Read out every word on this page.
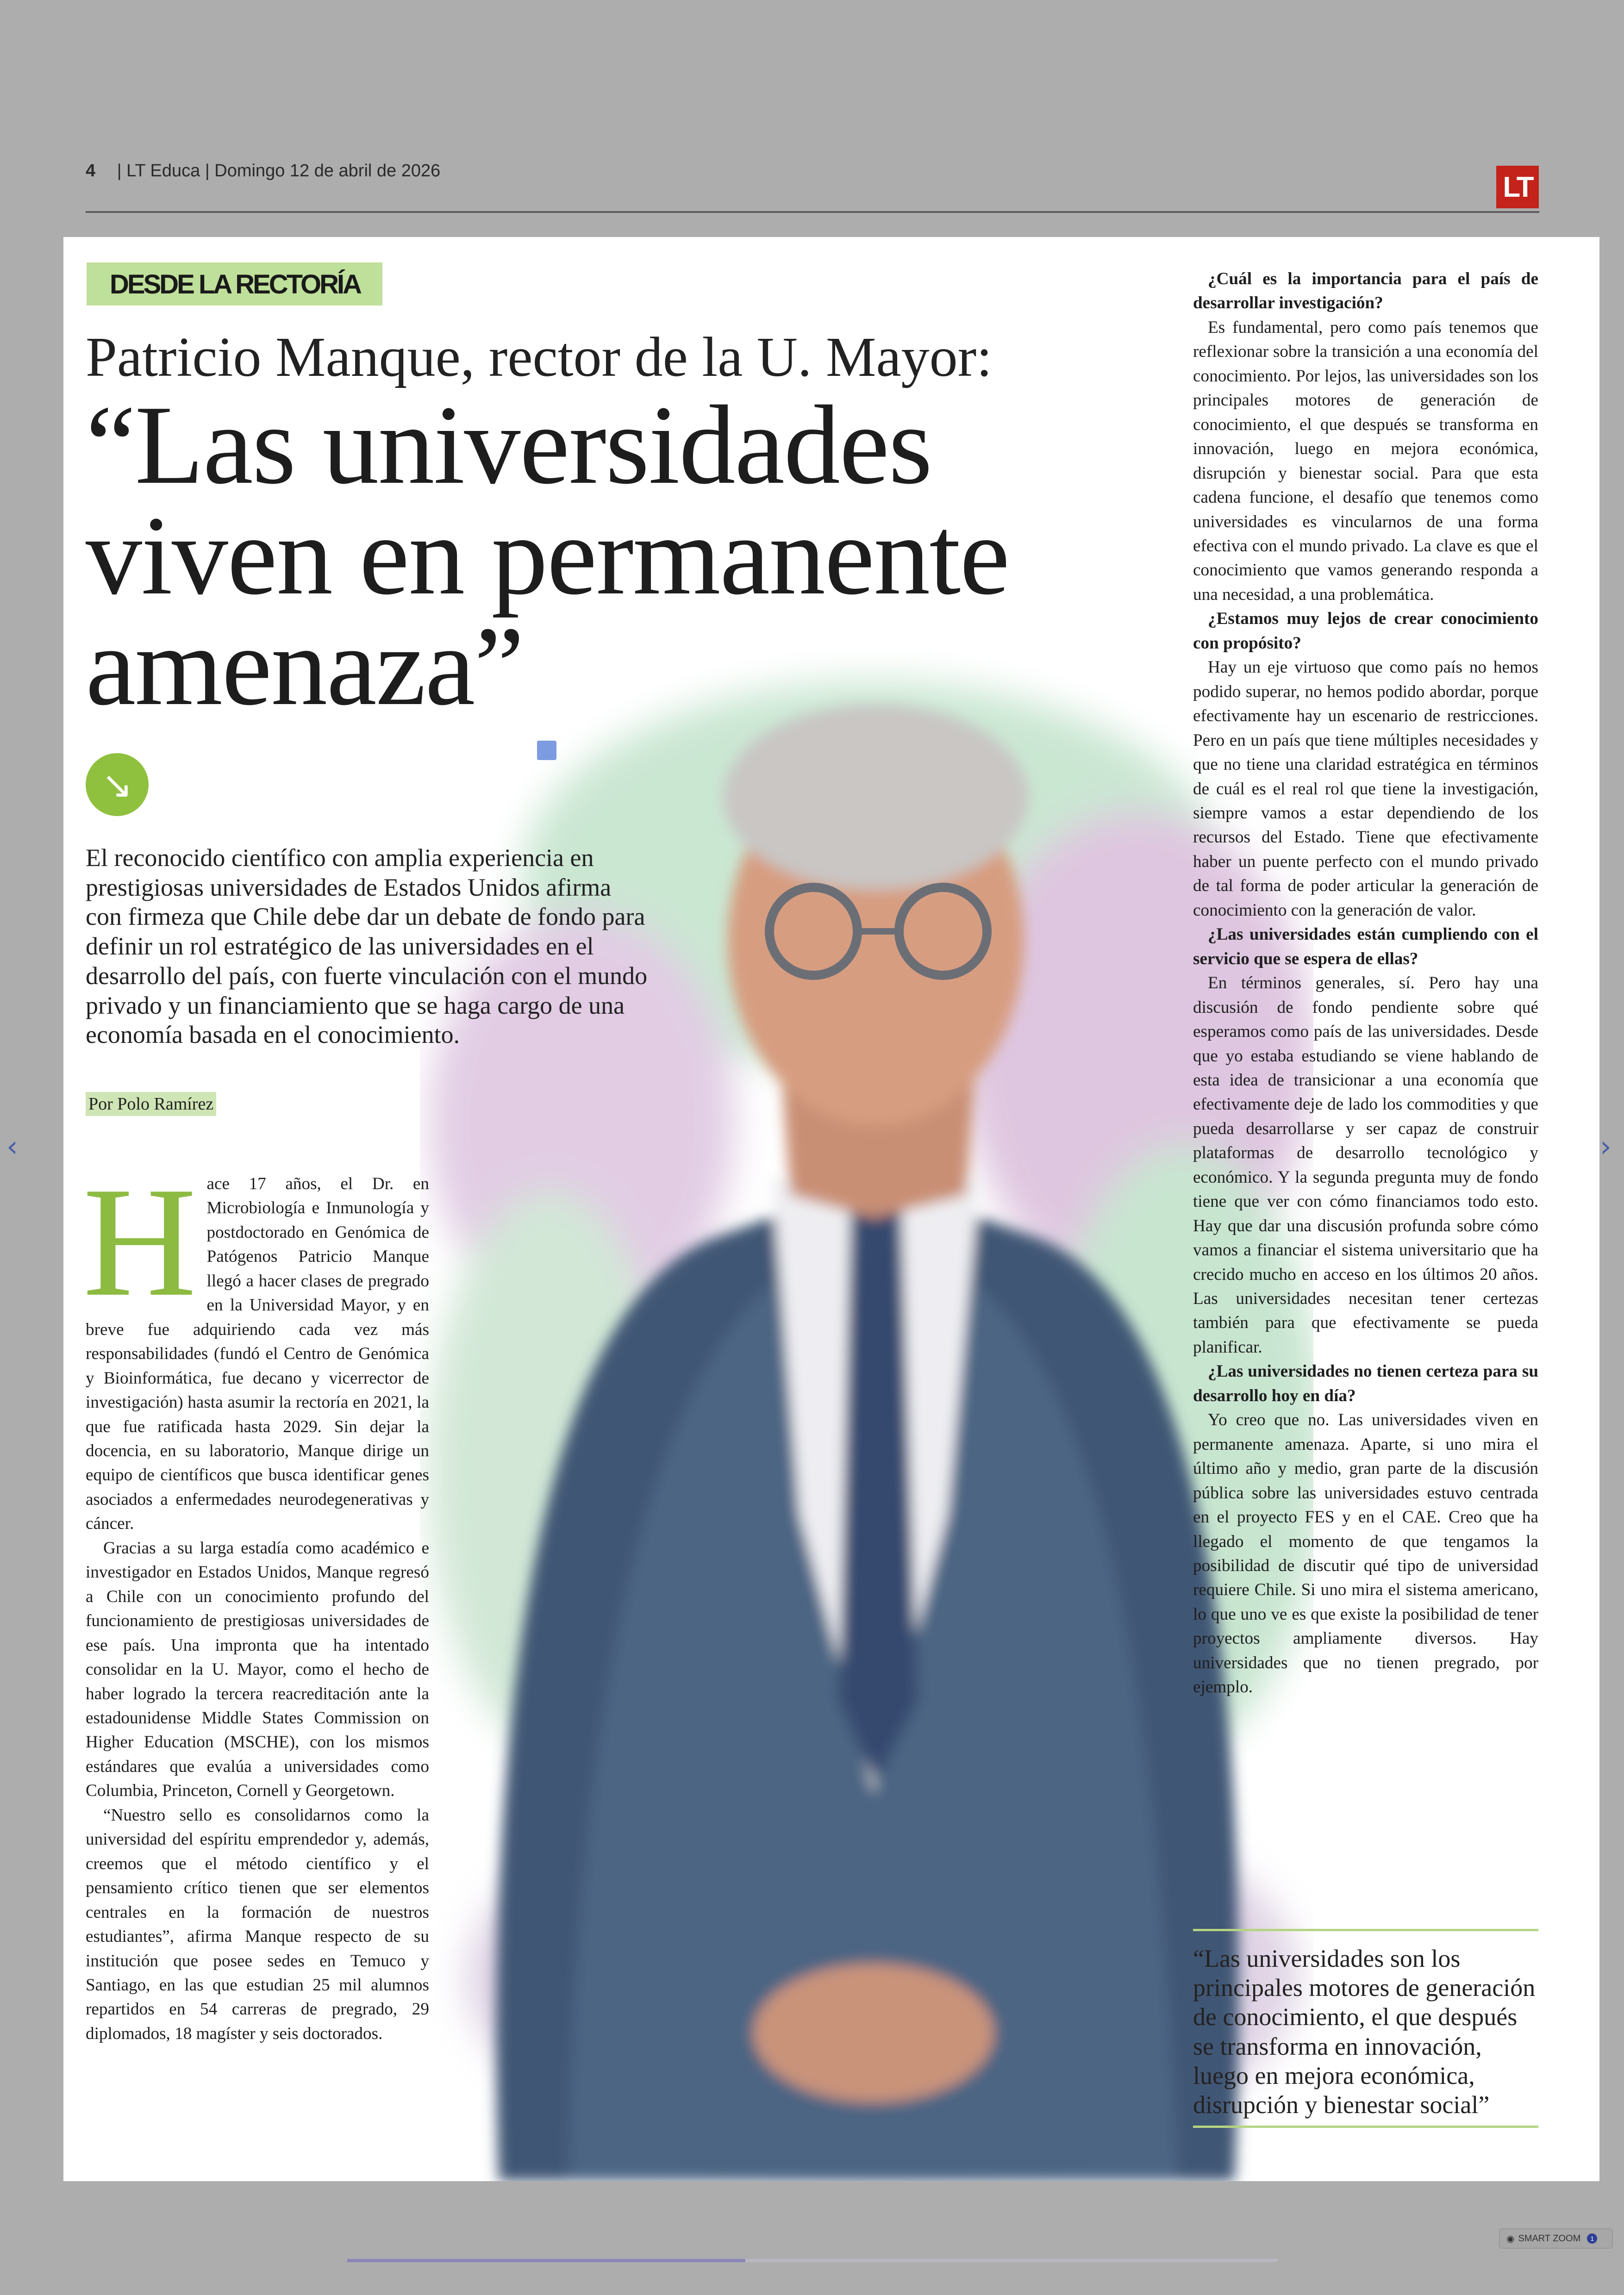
4 | LT Educa | Domingo 12 de abril de 2026
LT
DESDE LA RECTORÍA
Patricio Manque, rector de la U. Mayor:
“Las universidades viven en permanente amenaza”
↘
El reconocido científico con amplia experiencia en prestigiosas universidades de Estados Unidos afirma con firmeza que Chile debe dar un debate de fondo para definir un rol estratégico de las universidades en el desarrollo del país, con fuerte vinculación con el mundo privado y un financiamiento que se haga cargo de una economía basada en el conocimiento.
Por Polo Ramírez
H ace 17 años, el Dr. en Microbiología e Inmunología y postdoctorado en Genómica de Patógenos Patricio Manque llegó a hacer clases de pregrado en la Universidad Mayor, y en breve fue adquiriendo cada vez más responsabilidades (fundó el Centro de Genómica y Bioinformática, fue decano y vicerrector de investigación) hasta asumir la rectoría en 2021, la que fue ratificada hasta 2029. Sin dejar la docencia, en su laboratorio, Manque dirige un equipo de científicos que busca identificar genes asociados a enfermedades neurodegenerativas y cáncer.

Gracias a su larga estadía como académico e investigador en Estados Unidos, Manque regresó a Chile con un conocimiento profundo del funcionamiento de prestigiosas universidades de ese país. Una impronta que ha intentado consolidar en la U. Mayor, como el hecho de haber logrado la tercera reacreditación ante la estadounidense Middle States Commission on Higher Education (MSCHE), con los mismos estándares que evalúa a universidades como Columbia, Princeton, Cornell y Georgetown.

“Nuestro sello es consolidarnos como la universidad del espíritu emprendedor y, además, creemos que el método científico y el pensamiento crítico tienen que ser elementos centrales en la formación de nuestros estudiantes”, afirma Manque respecto de su institución que posee sedes en Temuco y Santiago, en las que estudian 25 mil alumnos repartidos en 54 carreras de pregrado, 29 diplomados, 18 magíster y seis doctorados.

¿Cuál es la importancia para el país de desarrollar investigación?

Es fundamental, pero como país tenemos que reflexionar sobre la transición a una economía del conocimiento. Por lejos, las universidades son los principales motores de generación de conocimiento, el que después se transforma en innovación, luego en mejora económica, disrupción y bienestar social. Para que esta cadena funcione, el desafío que tenemos como universidades es vincularnos de una forma efectiva con el mundo privado. La clave es que el conocimiento que vamos generando responda a una necesidad, a una problemática.

¿Estamos muy lejos de crear conocimiento con propósito?

Hay un eje virtuoso que como país no hemos podido superar, no hemos podido abordar, porque efectivamente hay un escenario de restricciones. Pero en un país que tiene múltiples necesidades y que no tiene una claridad estratégica en términos de cuál es el real rol que tiene la investigación, siempre vamos a estar dependiendo de los recursos del Estado. Tiene que efectivamente haber un puente perfecto con el mundo privado de tal forma de poder articular la generación de conocimiento con la generación de valor.

¿Las universidades están cumpliendo con el servicio que se espera de ellas?

En términos generales, sí. Pero hay una discusión de fondo pendiente sobre qué esperamos como país de las universidades. Desde que yo estaba estudiando se viene hablando de esta idea de transicionar a una economía que efectivamente deje de lado los commodities y que pueda desarrollarse y ser capaz de construir plataformas de desarrollo tecnológico y económico. Y la segunda pregunta muy de fondo tiene que ver con cómo financiamos todo esto. Hay que dar una discusión profunda sobre cómo vamos a financiar el sistema universitario que ha crecido mucho en acceso en los últimos 20 años. Las universidades necesitan tener certezas también para que efectivamente se pueda planificar.

¿Las universidades no tienen certeza para su desarrollo hoy en día?

Yo creo que no. Las universidades viven en permanente amenaza. Aparte, si uno mira el último año y medio, gran parte de la discusión pública sobre las universidades estuvo centrada en el proyecto FES y en el CAE. Creo que ha llegado el momento de que tengamos la posibilidad de discutir qué tipo de universidad requiere Chile. Si uno mira el sistema americano, lo que uno ve es que existe la posibilidad de tener proyectos ampliamente diversos. Hay universidades que no tienen pregrado, por ejemplo.

“Las universidades son los principales motores de generación de conocimiento, el que después se transforma en innovación, luego en mejora económica, disrupción y bienestar social”
‹	›
◉ SMART ZOOM	1
